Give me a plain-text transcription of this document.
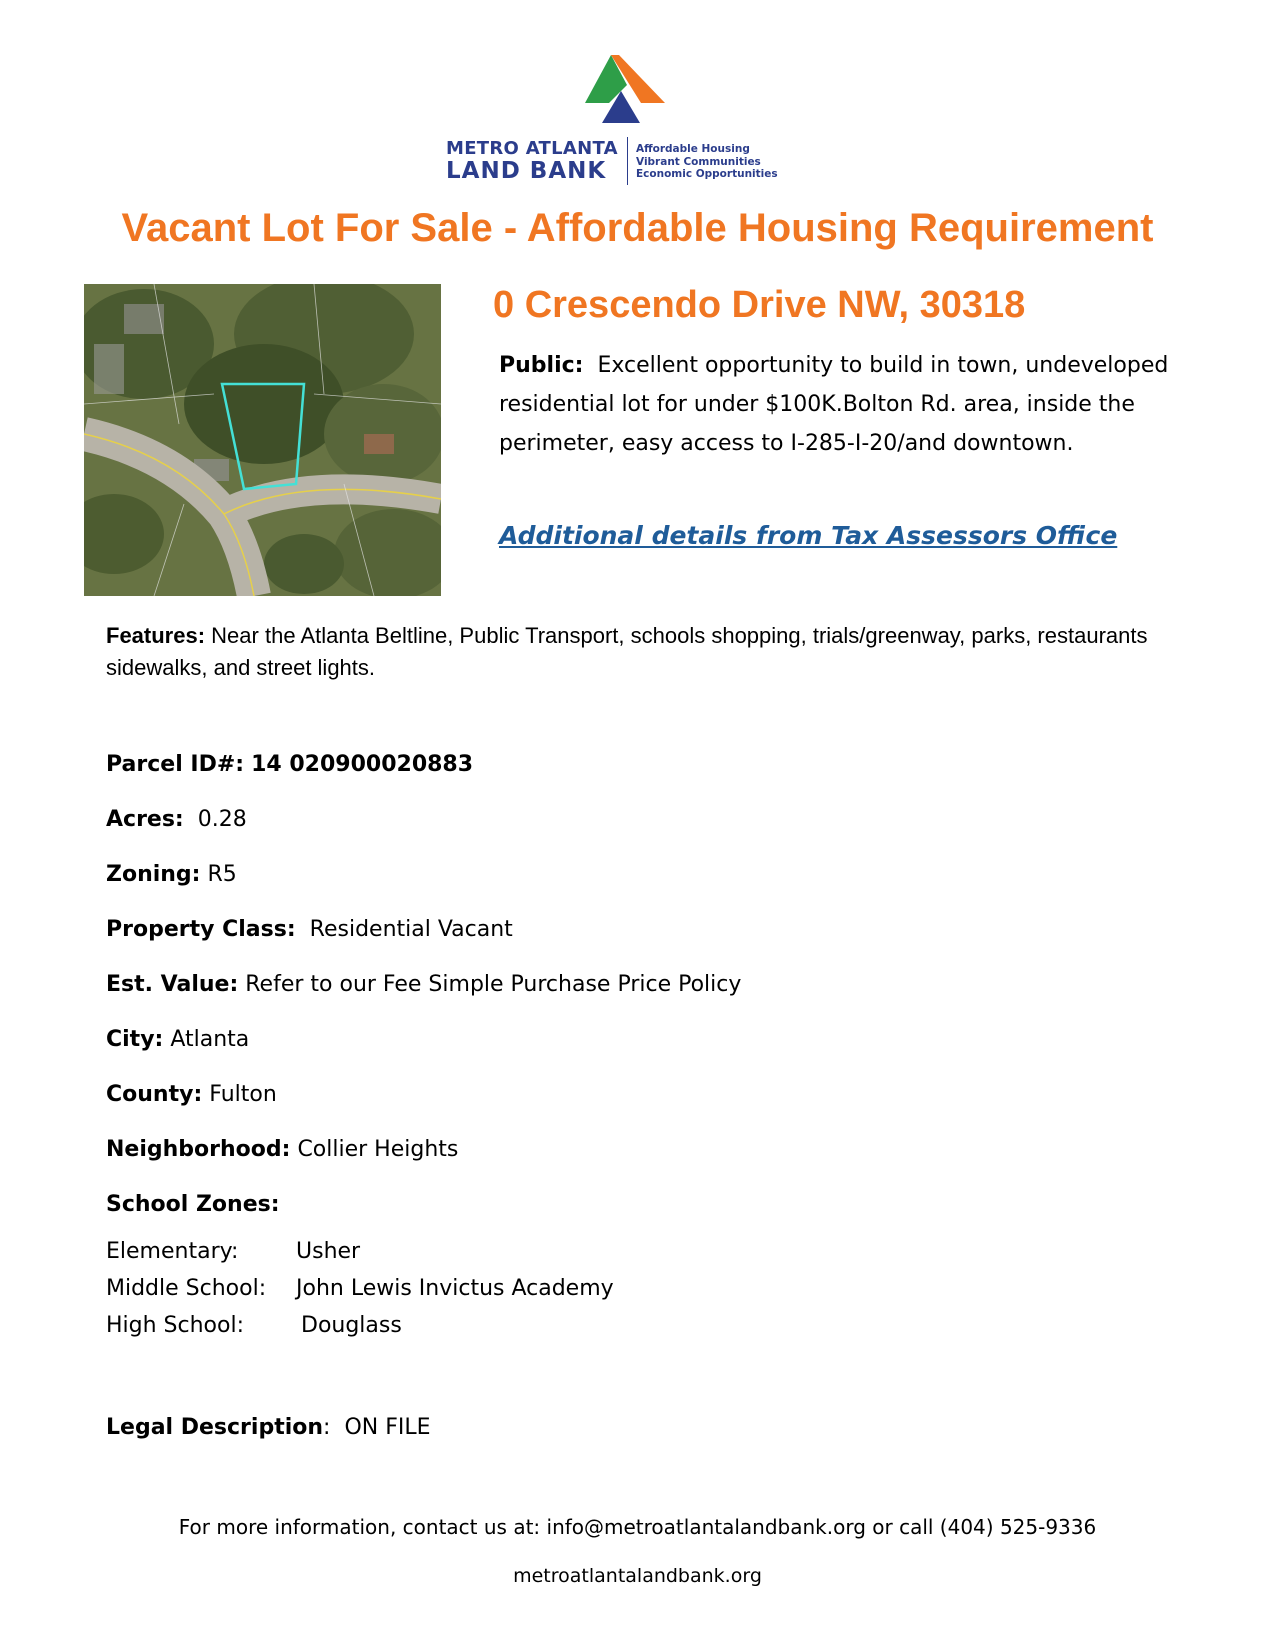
METRO ATLANTA
LAND BANK
Affordable Housing
Vibrant Communities
Economic Opportunities
Vacant Lot For Sale - Affordable Housing Requirement
0 Crescendo Drive NW, 30318
Public: Excellent opportunity to build in town, undeveloped residential lot for under $100K.Bolton Rd. area, inside the perimeter, easy access to I-285-I-20/and downtown.
Additional details from Tax Assessors Office
Features: Near the Atlanta Beltline, Public Transport, schools shopping, trials/greenway, parks, restaurants sidewalks, and street lights.
Parcel ID#: 14 020900020883
Acres: 0.28
Zoning: R5
Property Class: Residential Vacant
Est. Value: Refer to our Fee Simple Purchase Price Policy
City: Atlanta
County: Fulton
Neighborhood: Collier Heights
School Zones:
Elementary:	Usher
Middle School: John Lewis Invictus Academy
High School:	Douglass
Legal Description:  ON FILE
For more information, contact us at: info@metroatlantalandbank.org or call (404) 525-9336
metroatlantalandbank.org
